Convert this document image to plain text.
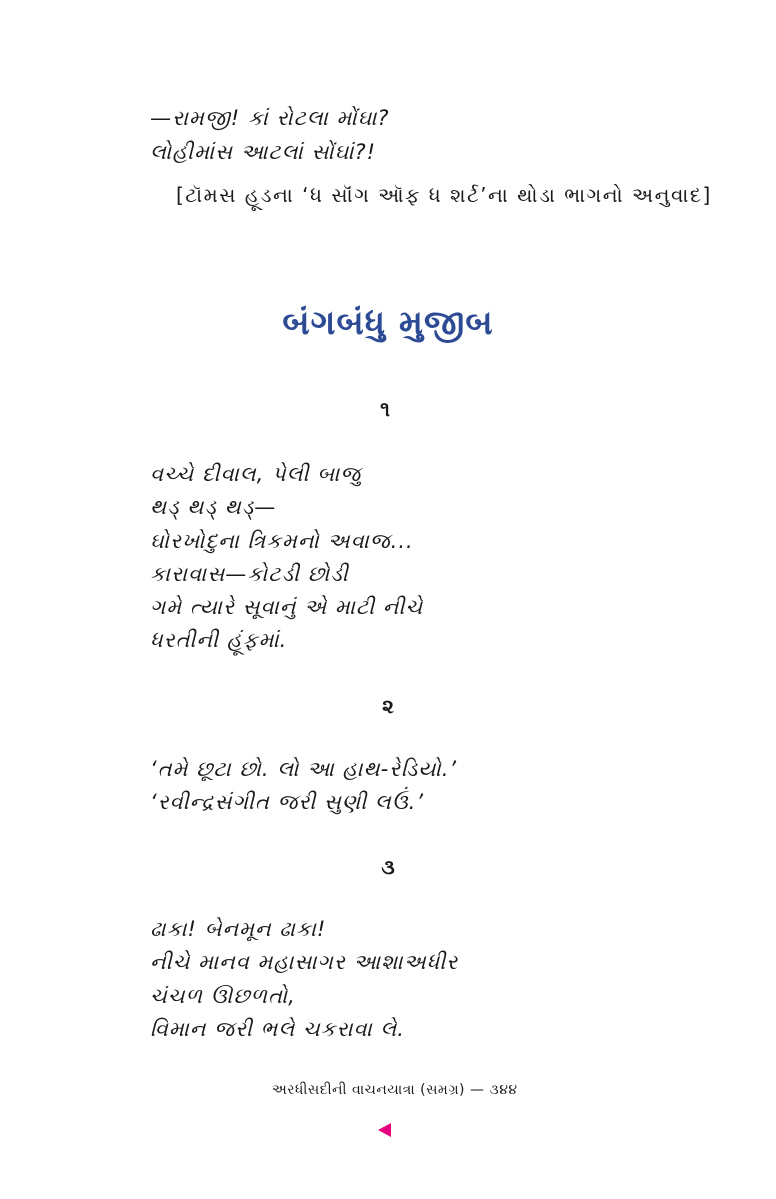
—રામજી! કાં રોટલા મોંઘા?

લોહીમાંસ આટલાં સોંઘાં?!

[ટૉમસ હૂડના ‘ધ સૉંગ ઑફ ધ શર્ટ’ના થોડા ભાગનો અનુવાદ]

બંગબંધુ મુજીબ
૧

વચ્ચે દીવાલ, પેલી બાજુ

થડ્ થડ્ થડ્—

ઘોરખોદુના ત્રિકમનો અવાજ...

કારાવાસ—કોટડી છોડી

ગમે ત્યારે સૂવાનું એ માટી નીચે

ધરતીની હૂંફમાં.

૨

‘તમે છૂટા છો. લો આ હાથ-રેડિયો.’

‘રવીન્દ્રસંગીત જરી સુણી લઉં.’

૩

ઢાકા! બેનમૂન ઢાકા!

નીચે માનવ મહાસાગર આશાઅધીર

ચંચળ ઊછળતો,

વિમાન જરી ભલે ચકરાવા લે.

અરધીસદીની વાચનયાત્રા (સમગ્ર) — ૩૪૪
